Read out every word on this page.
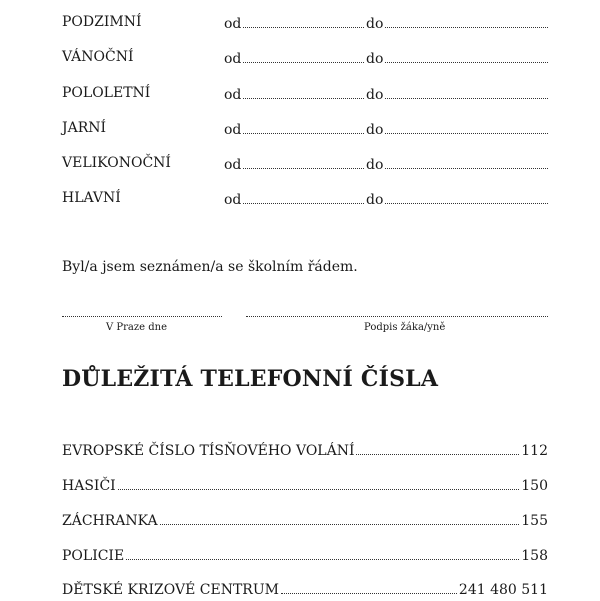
PODZIMNÍ	od	do
VÁNOČNÍ	od	do
POLOLETNÍ	od	do
JARNÍ	od	do
VELIKONOČNÍ	od	do
HLAVNÍ	od	do
Byl/a jsem seznámen/a se školním řádem.
V Praze dne	Podpis žáka/yně
DŮLEŽITÁ TELEFONNÍ ČÍSLA
EVROPSKÉ ČÍSLO TÍSŇOVÉHO VOLÁNÍ	112
HASIČI	150
ZÁCHRANKA	155
POLICIE	158
DĚTSKÉ KRIZOVÉ CENTRUM	241 480 511
